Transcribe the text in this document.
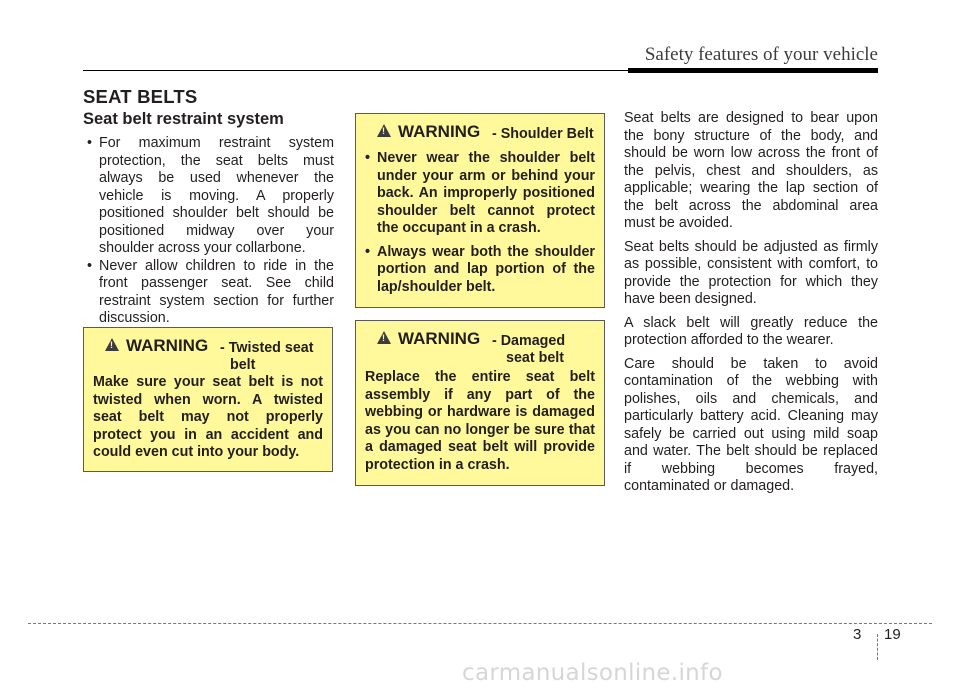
Safety features of your vehicle
SEAT BELTS
Seat belt restraint system
• For maximum restraint system protection, the seat belts must always be used whenever the vehicle is moving. A properly positioned shoulder belt should be positioned midway over your shoulder across your collarbone.
• Never allow children to ride in the front passenger seat. See child restraint system section for further discussion.
!
WARNING - Twisted seat
belt
Make sure your seat belt is not twisted when worn. A twisted seat belt may not properly protect you in an accident and could even cut into your body.
!
WARNING - Shoulder Belt
• Never wear the shoulder belt under your arm or behind your back. An improperly positioned shoulder belt cannot protect the occupant in a crash.
• Always wear both the shoulder portion and lap portion of the lap/shoulder belt.
!
WARNING - Damaged
seat belt
Replace the entire seat belt assembly if any part of the webbing or hardware is damaged as you can no longer be sure that a damaged seat belt will provide protection in a crash.

Seat belts are designed to bear upon the bony structure of the body, and should be worn low across the front of the pelvis, chest and shoulders, as applicable; wearing the lap section of the belt across the abdominal area must be avoided.

Seat belts should be adjusted as firmly as possible, consistent with comfort, to provide the protection for which they have been designed.

A slack belt will greatly reduce the protection afforded to the wearer.

Care should be taken to avoid contamination of the webbing with polishes, oils and chemicals, and particularly battery acid. Cleaning may safely be carried out using mild soap and water. The belt should be replaced if webbing becomes frayed, contaminated or damaged.

3 19
carmanualsonline.info
